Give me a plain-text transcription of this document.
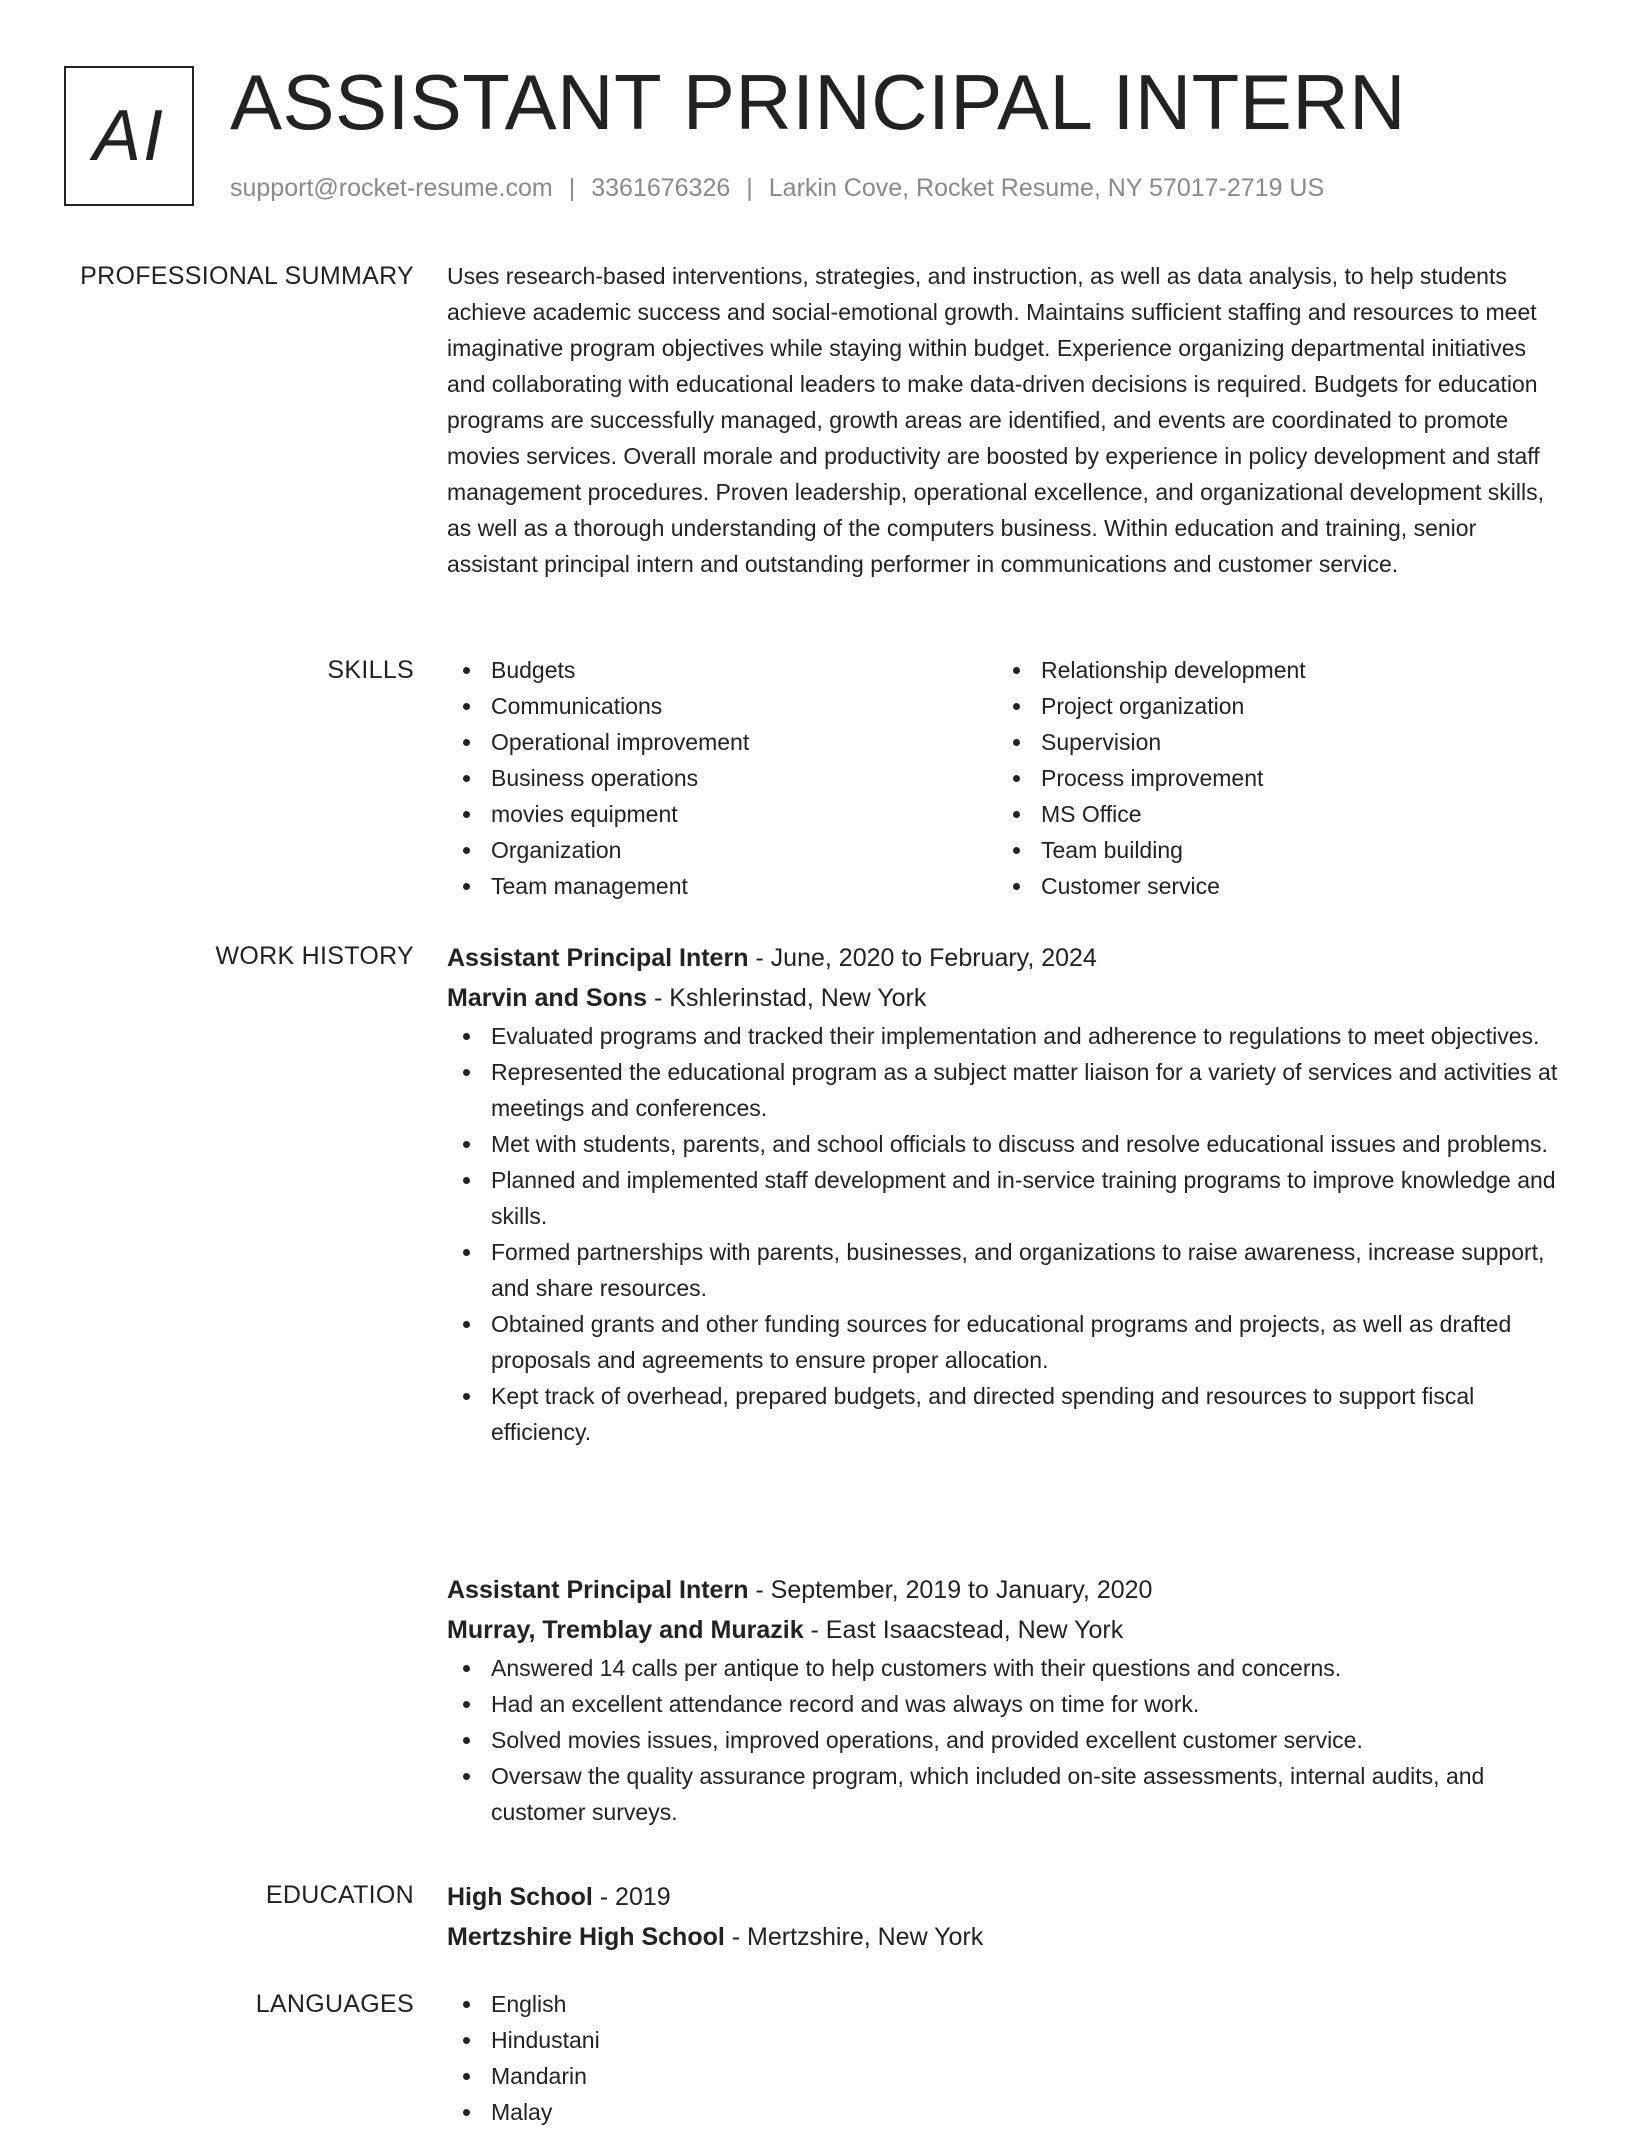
AI ASSISTANT PRINCIPAL INTERN
support@rocket-resume.com | 3361676326 | Larkin Cove, Rocket Resume, NY 57017-2719 US
PROFESSIONAL SUMMARY Uses research-based interventions, strategies, and instruction, as well as data analysis, to help students achieve academic success and social-emotional growth. Maintains sufficient staffing and resources to meet imaginative program objectives while staying within budget. Experience organizing departmental initiatives and collaborating with educational leaders to make data-driven decisions is required. Budgets for education programs are successfully managed, growth areas are identified, and events are coordinated to promote movies services. Overall morale and productivity are boosted by experience in policy development and staff management procedures. Proven leadership, operational excellence, and organizational development skills, as well as a thorough understanding of the computers business. Within education and training, senior assistant principal intern and outstanding performer in communications and customer service.

SKILLS	Budgets
Communications
Operational improvement
Business operations
movies equipment
Organization
Team management
Relationship development
Project organization
Supervision
Process improvement
MS Office
Team building
Customer service
WORK HISTORY Assistant Principal Intern - June, 2020 to February, 2024
Marvin and Sons - Kshlerinstad, New York
Evaluated programs and tracked their implementation and adherence to regulations to meet objectives.
Represented the educational program as a subject matter liaison for a variety of services and activities at meetings and conferences.
Met with students, parents, and school officials to discuss and resolve educational issues and problems.
Planned and implemented staff development and in-service training programs to improve knowledge and skills.
Formed partnerships with parents, businesses, and organizations to raise awareness, increase support, and share resources.
Obtained grants and other funding sources for educational programs and projects, as well as drafted proposals and agreements to ensure proper allocation.
Kept track of overhead, prepared budgets, and directed spending and resources to support fiscal efficiency.
Assistant Principal Intern - September, 2019 to January, 2020
Murray, Tremblay and Murazik - East Isaacstead, New York
Answered 14 calls per antique to help customers with their questions and concerns.
Had an excellent attendance record and was always on time for work.
Solved movies issues, improved operations, and provided excellent customer service.
Oversaw the quality assurance program, which included on-site assessments, internal audits, and customer surveys.
EDUCATION High School - 2019
Mertzshire High School - Mertzshire, New York
LANGUAGES	English
Hindustani
Mandarin
Malay
